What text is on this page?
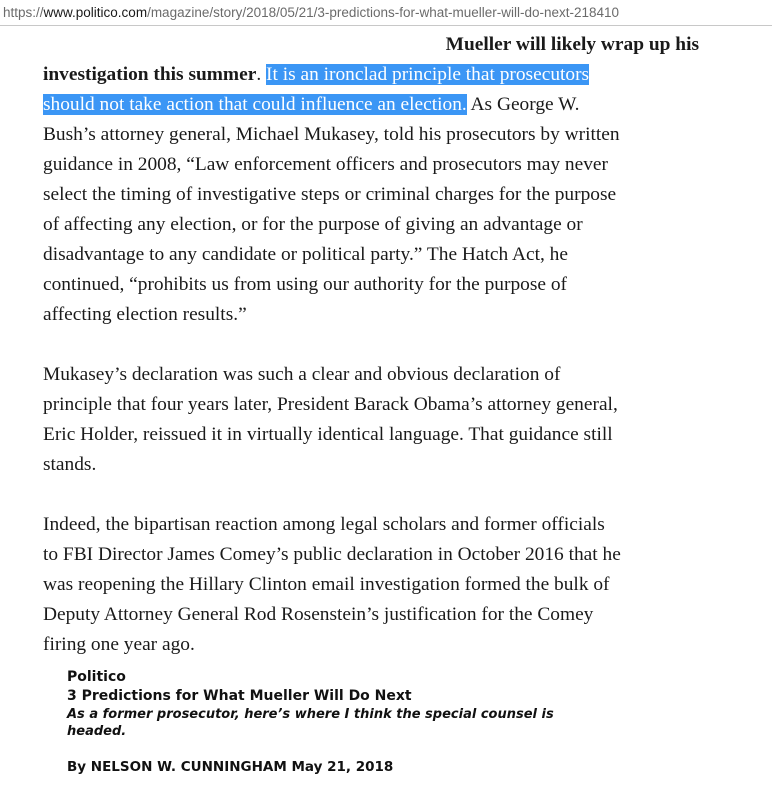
https://www.politico.com/magazine/story/2018/05/21/3-predictions-for-what-mueller-will-do-next-218410

Mueller will likely wrap up his
investigation this summer. It is an ironclad principle that prosecutors
should not take action that could influence an election. As George W.
Bush’s attorney general, Michael Mukasey, told his prosecutors by written
guidance in 2008, “Law enforcement officers and prosecutors may never
select the timing of investigative steps or criminal charges for the purpose
of affecting any election, or for the purpose of giving an advantage or
disadvantage to any candidate or political party.” The Hatch Act, he
continued, “prohibits us from using our authority for the purpose of
affecting election results.”

Mukasey’s declaration was such a clear and obvious declaration of
principle that four years later, President Barack Obama’s attorney general,
Eric Holder, reissued it in virtually identical language. That guidance still
stands.

Indeed, the bipartisan reaction among legal scholars and former officials
to FBI Director James Comey’s public declaration in October 2016 that he
was reopening the Hillary Clinton email investigation formed the bulk of
Deputy Attorney General Rod Rosenstein’s justification for the Comey
firing one year ago.

Politico
3 Predictions for What Mueller Will Do Next
As a former prosecutor, here’s where I think the special counsel is
headed.
By NELSON W. CUNNINGHAM May 21, 2018
